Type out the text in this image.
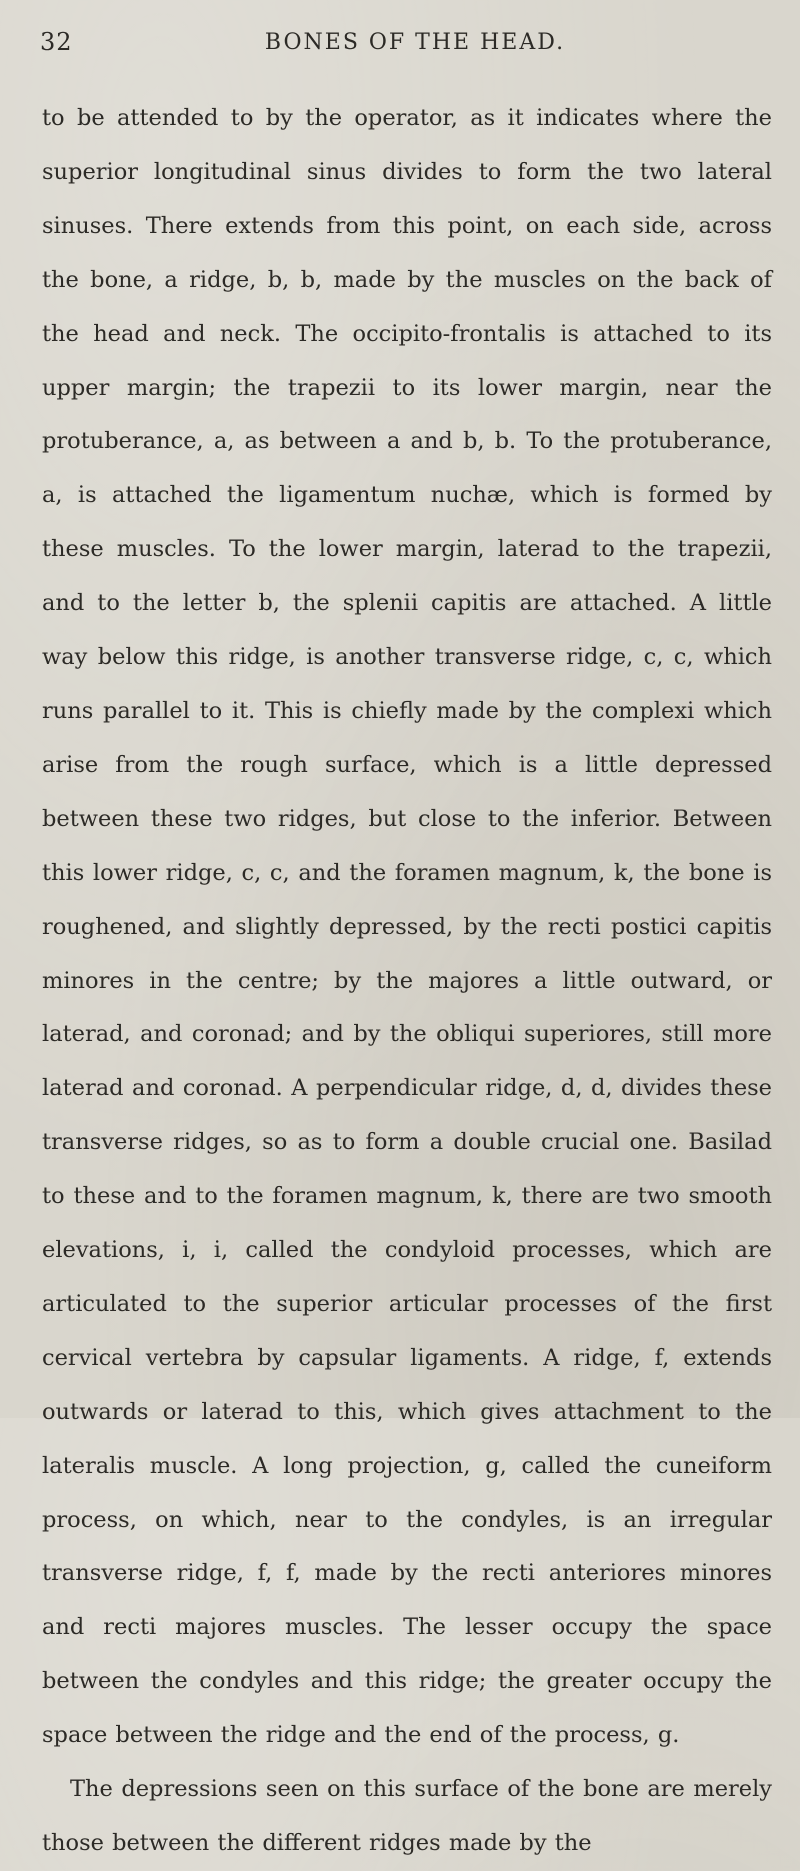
32	BONES OF THE HEAD.

to be attended to by the operator, as it indicates where the superior longitudinal sinus divides to form the two lateral sinuses. There extends from this point, on each side, across the bone, a ridge, b, b, made by the muscles on the back of the head and neck. The occipito-frontalis is attached to its upper margin; the trapezii to its lower margin, near the protuberance, a, as between a and b, b. To the protuberance, a, is attached the ligamentum nuchæ, which is formed by these muscles. To the lower margin, laterad to the trapezii, and to the letter b, the splenii capitis are attached. A little way below this ridge, is another transverse ridge, c, c, which runs parallel to it. This is chiefly made by the complexi which arise from the rough surface, which is a little depressed between these two ridges, but close to the inferior. Between this lower ridge, c, c, and the foramen magnum, k, the bone is roughened, and slightly depressed, by the recti postici capitis minores in the centre; by the majores a little outward, or laterad, and coronad; and by the obliqui superiores, still more laterad and coronad. A perpendicular ridge, d, d, divides these transverse ridges, so as to form a double crucial one. Basilad to these and to the foramen magnum, k, there are two smooth elevations, i, i, called the condyloid processes, which are articulated to the superior articular processes of the first cervical vertebra by capsular ligaments. A ridge, f, extends outwards or laterad to this, which gives attachment to the lateralis muscle. A long projection, g, called the cuneiform process, on which, near to the condyles, is an irregular transverse ridge, f, f, made by the recti anteriores minores and recti majores muscles. The lesser occupy the space between the condyles and this ridge; the greater occupy the space between the ridge and the end of the process, g.

The depressions seen on this surface of the bone are merely those between the different ridges made by the
